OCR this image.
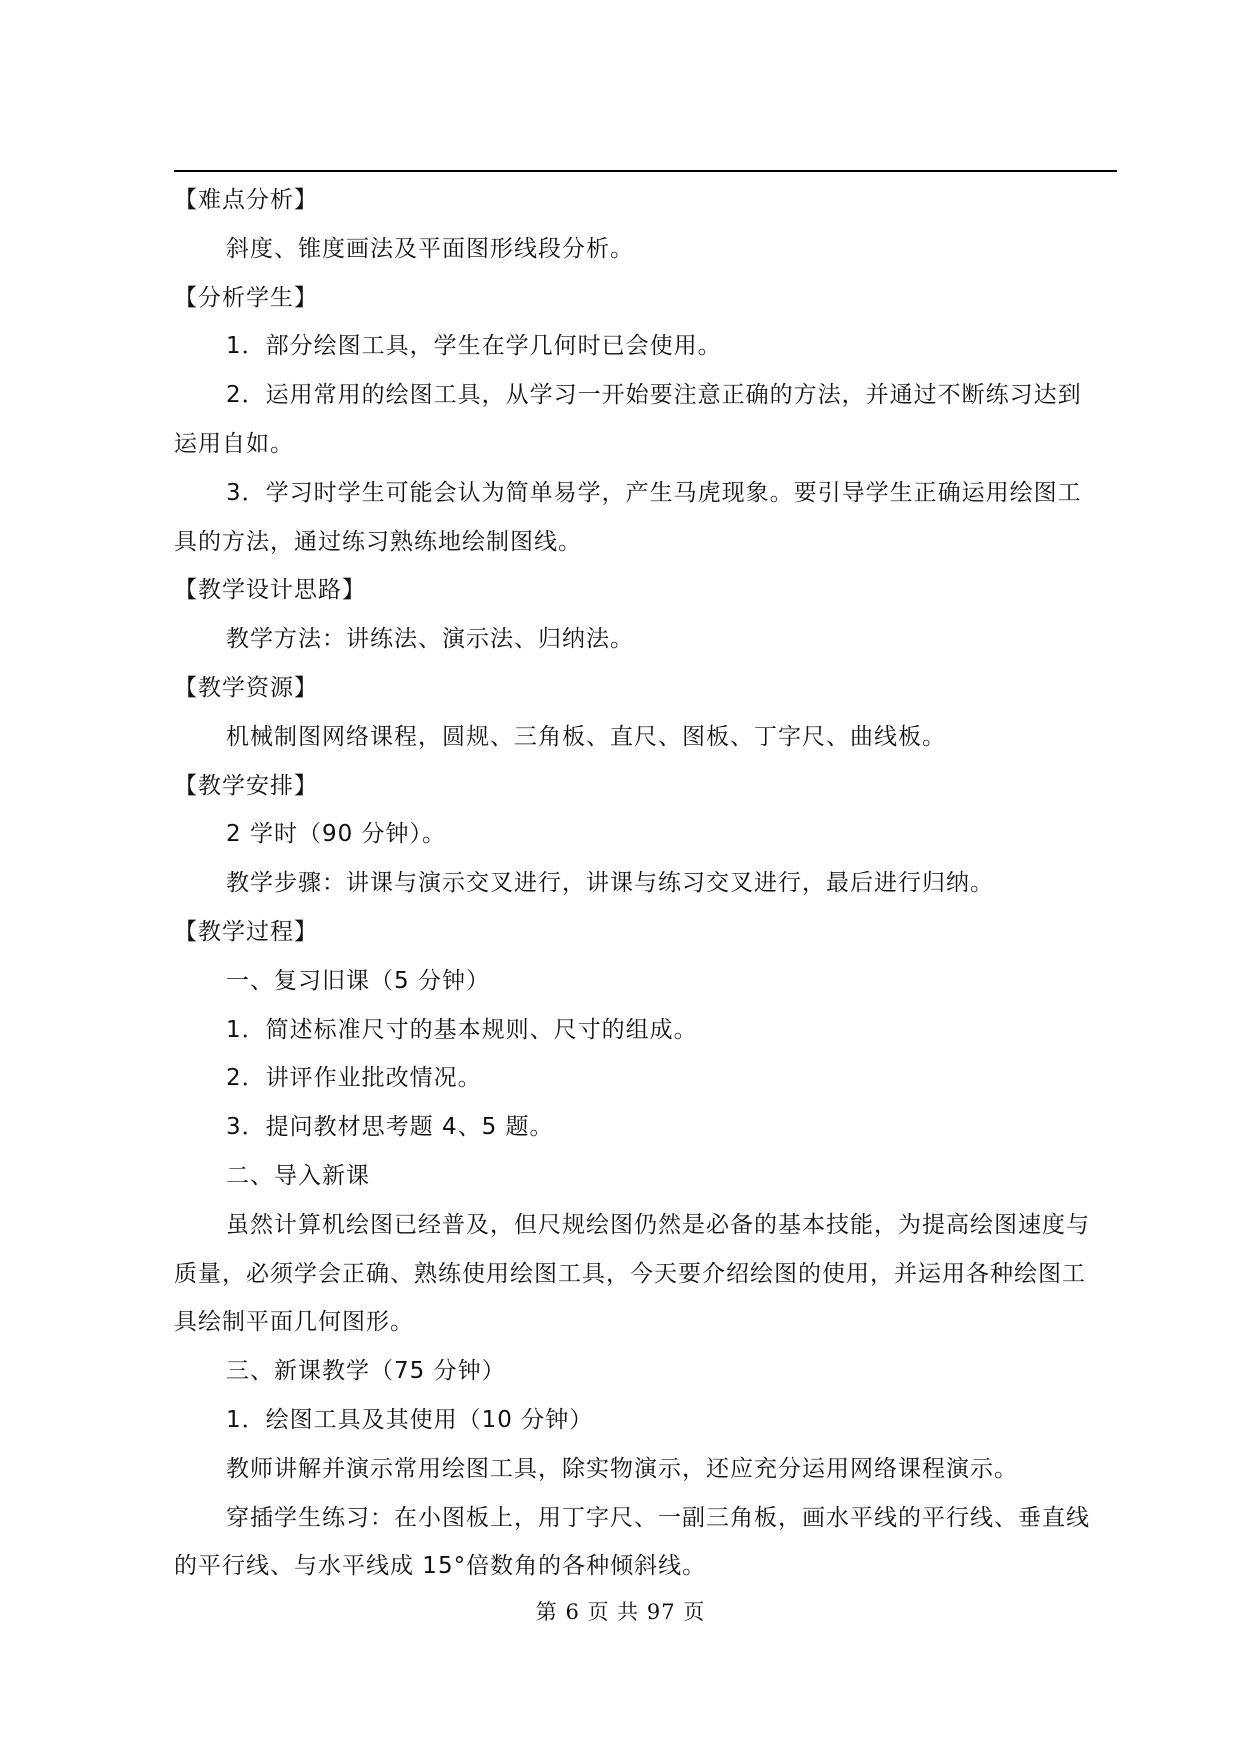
【难点分析】
斜度、锥度画法及平面图形线段分析。
【分析学生】
1．部分绘图工具，学生在学几何时已会使用。
2．运用常用的绘图工具，从学习一开始要注意正确的方法，并通过不断练习达到
运用自如。
3．学习时学生可能会认为简单易学，产生马虎现象。要引导学生正确运用绘图工
具的方法，通过练习熟练地绘制图线。
【教学设计思路】
教学方法：讲练法、演示法、归纳法。
【教学资源】
机械制图网络课程，圆规、三角板、直尺、图板、丁字尺、曲线板。
【教学安排】
2 学时（90 分钟）。
教学步骤：讲课与演示交叉进行，讲课与练习交叉进行，最后进行归纳。
【教学过程】
一、复习旧课（5 分钟）
1．简述标准尺寸的基本规则、尺寸的组成。
2．讲评作业批改情况。
3．提问教材思考题 4、5 题。
二、导入新课
虽然计算机绘图已经普及，但尺规绘图仍然是必备的基本技能，为提高绘图速度与
质量，必须学会正确、熟练使用绘图工具，今天要介绍绘图的使用，并运用各种绘图工
具绘制平面几何图形。
三、新课教学（75 分钟）
1．绘图工具及其使用（10 分钟）
教师讲解并演示常用绘图工具，除实物演示，还应充分运用网络课程演示。
穿插学生练习：在小图板上，用丁字尺、一副三角板，画水平线的平行线、垂直线
的平行线、与水平线成 15°倍数角的各种倾斜线。
第 6 页 共 97 页
